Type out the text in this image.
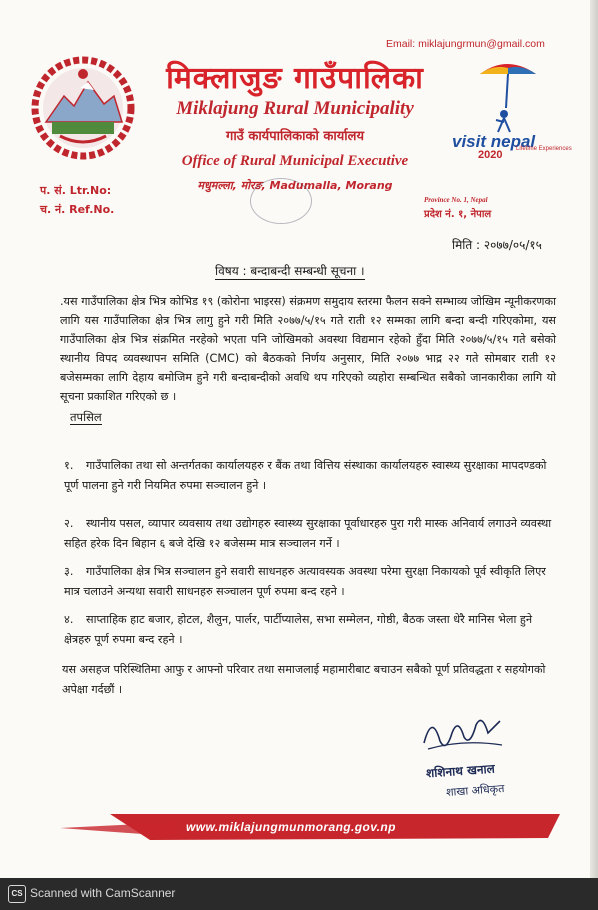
Email: miklajungrmun@gmail.com
मिक्लाजुङ गाउँपालिका
Miklajung Rural Municipality
गाउँ कार्यपालिकाको कार्यालय
Office of Rural Municipal Executive
मधुमल्ला, मोरङ, Madumalla, Morang
visit nepal
2020 Lifetime Experiences
प. सं. Ltr.No:
च. नं. Ref.No.
Province No. 1, Nepal
प्रदेश नं. १, नेपाल
मिति : २०७७/०५/१५
विषय : बन्दाबन्दी सम्बन्धी सूचना ।
.यस गाउँपालिका क्षेत्र भित्र कोभिड १९ (कोरोना भाइरस) संक्रमण समुदाय स्तरमा फैलन सक्ने सम्भाव्य जोखिम न्यूनीकरणका लागि यस गाउँपालिका क्षेत्र भित्र लागु हुने गरी मिति २०७७/५/१५ गते राती १२ सम्मका लागि बन्दा बन्दी गरिएकोमा, यस गाउँपालिका क्षेत्र भित्र संक्रमित नरहेको भएता पनि जोखिमको अवस्था विद्यमान रहेको हुँदा मिति २०७७/५/१५ गते बसेको स्थानीय विपद व्यवस्थापन समिति (CMC) को बैठकको निर्णय अनुसार, मिति २०७७ भाद्र २२ गते सोमबार राती १२ बजेसम्मका लागि देहाय बमोजिम हुने गरी बन्दाबन्दीको अवधि थप गरिएको व्यहोरा सम्बन्धित सबैको जानकारीका लागि यो सूचना प्रकाशित गरिएको छ ।
तपसिल
१. गाउँपालिका तथा सो अन्तर्गतका कार्यालयहरु र बैंक तथा वित्तिय संस्थाका कार्यालयहरु स्वास्थ्य सुरक्षाका मापदण्डको पूर्ण पालना हुने गरी नियमित रुपमा सञ्चालन हुने ।
२. स्थानीय पसल, व्यापार व्यवसाय तथा उद्योगहरु स्वास्थ्य सुरक्षाका पूर्वाधारहरु पुरा गरी मास्क अनिवार्य लगाउने व्यवस्था सहित हरेक दिन बिहान ६ बजे देखि १२ बजेसम्म मात्र सञ्चालन गर्ने ।
३. गाउँपालिका क्षेत्र भित्र सञ्चालन हुने सवारी साधनहरु अत्यावस्यक अवस्था परेमा सुरक्षा निकायको पूर्व स्वीकृति लिएर मात्र चलाउने अन्यथा सवारी साधनहरु सञ्चालन पूर्ण रुपमा बन्द रहने ।
४. साप्ताहिक हाट बजार, होटल, शैलुन, पार्लर, पार्टीप्यालेस, सभा सम्मेलन, गोष्ठी, बैठक जस्ता धेरै मानिस भेला हुने क्षेत्रहरु पूर्ण रुपमा बन्द रहने ।
यस असहज परिस्थितिमा आफु र आफ्नो परिवार तथा समाजलाई महामारीबाट बचाउन सबैको पूर्ण प्रतिवद्धता र सहयोगको अपेक्षा गर्दछौं ।
शशिनाथ खनाल
शाखा अधिकृत
www.miklajungmunmorang.gov.np
CS Scanned with CamScanner
